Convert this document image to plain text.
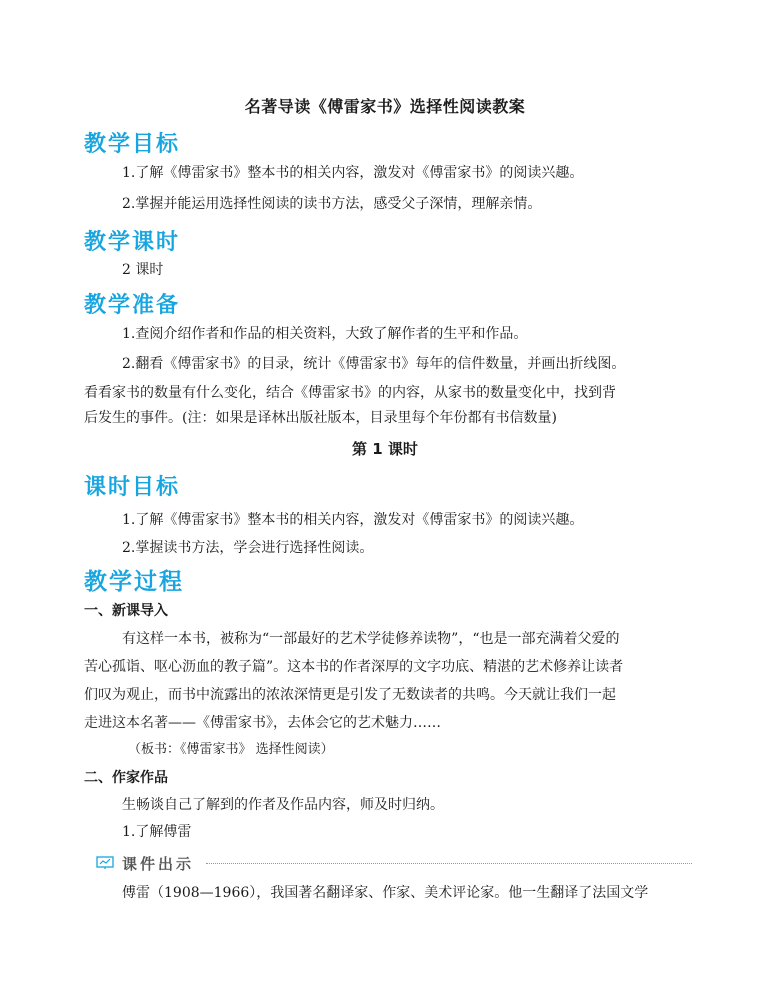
名著导读《傅雷家书》选择性阅读教案
教学目标
1.了解《傅雷家书》整本书的相关内容，激发对《傅雷家书》的阅读兴趣。
2.掌握并能运用选择性阅读的读书方法，感受父子深情，理解亲情。
教学课时
2 课时
教学准备
1.查阅介绍作者和作品的相关资料，大致了解作者的生平和作品。
2.翻看《傅雷家书》的目录，统计《傅雷家书》每年的信件数量，并画出折线图。
看看家书的数量有什么变化，结合《傅雷家书》的内容，从家书的数量变化中，找到背
后发生的事件。(注：如果是译林出版社版本，目录里每个年份都有书信数量)
第 1 课时
课时目标
1.了解《傅雷家书》整本书的相关内容，激发对《傅雷家书》的阅读兴趣。
2.掌握读书方法，学会进行选择性阅读。
教学过程
一、新课导入
有这样一本书，被称为“一部最好的艺术学徒修养读物”，“也是一部充满着父爱的
苦心孤诣、呕心沥血的教子篇”。这本书的作者深厚的文字功底、精湛的艺术修养让读者
们叹为观止，而书中流露出的浓浓深情更是引发了无数读者的共鸣。今天就让我们一起
走进这本名著——《傅雷家书》，去体会它的艺术魅力……
（板书：《傅雷家书》 选择性阅读）
二、作家作品
生畅谈自己了解到的作者及作品内容，师及时归纳。
1.了解傅雷
课件出示
傅雷（1908—1966），我国著名翻译家、作家、美术评论家。他一生翻译了法国文学
